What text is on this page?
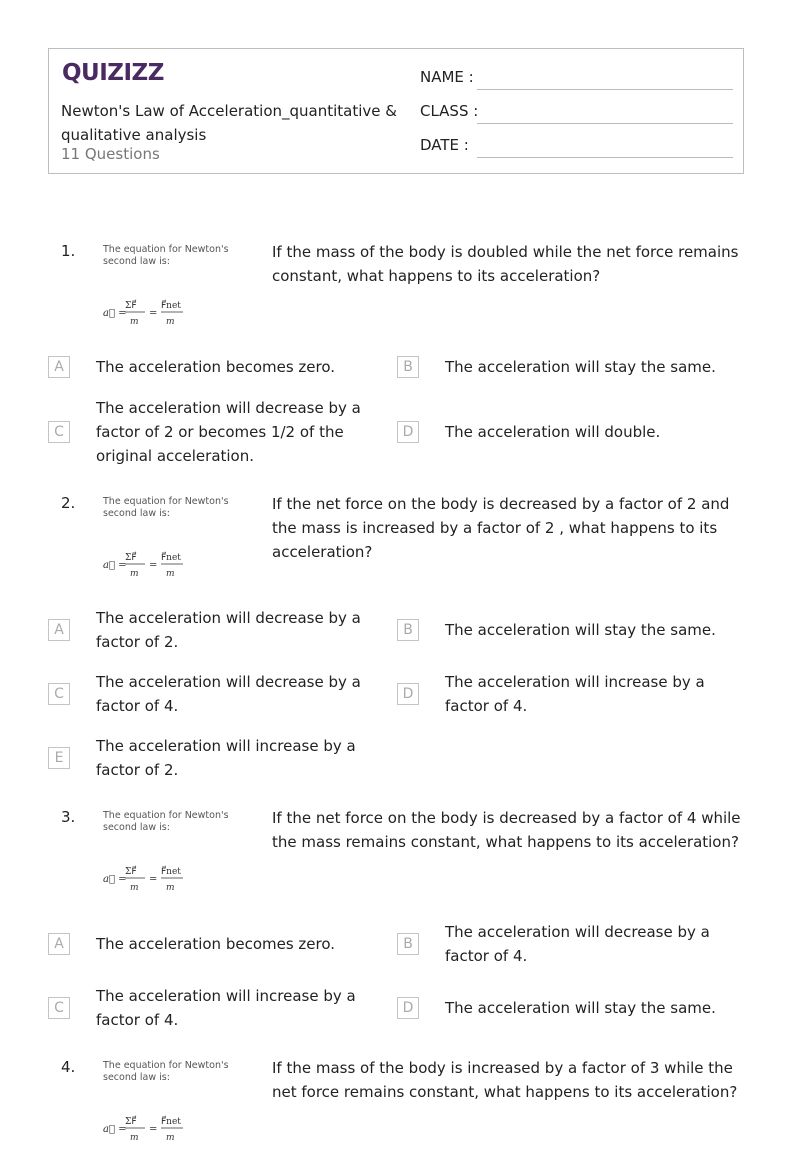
QUIZIZZ
Newton's Law of Acceleration_quantitative & qualitative analysis
11 Questions
NAME :
CLASS :
DATE :
1.	The equation for Newton's second law is:
a⃗ =
ΣF⃗
m
=
F⃗net
m
If the mass of the body is doubled while the net force remains constant, what happens to its acceleration?
A	The acceleration becomes zero.	B	The acceleration will stay the same.
C
The acceleration will decrease by a factor of 2 or becomes 1/2 of the original acceleration.
D	The acceleration will double.
2.	The equation for Newton's second law is:
a⃗ =
ΣF⃗
m
=
F⃗net
m
If the net force on the body is decreased by a factor of 2 and the mass is increased by a factor of 2 , what happens to its acceleration?
A
The acceleration will decrease by a factor of 2.
B	The acceleration will stay the same.
C
The acceleration will decrease by a factor of 4.
D
The acceleration will increase by a factor of 4.
E
The acceleration will increase by a factor of 2.
3.	The equation for Newton's second law is:
a⃗ =
ΣF⃗
m
=
F⃗net
m
If the net force on the body is decreased by a factor of 4 while the mass remains constant, what happens to its acceleration?
A	The acceleration becomes zero.	B
The acceleration will decrease by a factor of 4.
C
The acceleration will increase by a factor of 4.
D	The acceleration will stay the same.
4.	The equation for Newton's second law is:
a⃗ =
ΣF⃗
m
=
F⃗net
m
If the mass of the body is increased by a factor of 3 while the net force remains constant, what happens to its acceleration?
